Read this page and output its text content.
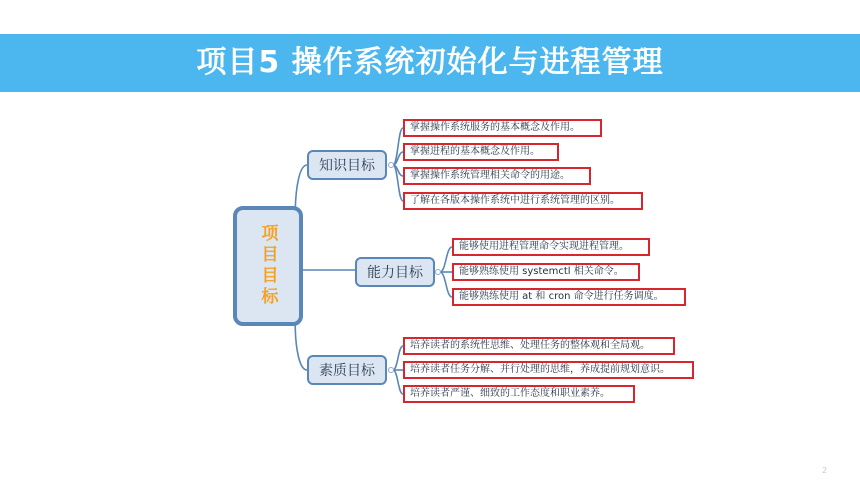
项目5 操作系统初始化与进程管理
项目目标
知识目标
能力目标
素质目标
掌握操作系统服务的基本概念及作用。
掌握进程的基本概念及作用。
掌握操作系统管理相关命令的用途。
了解在各版本操作系统中进行系统管理的区别。
能够使用进程管理命令实现进程管理。
能够熟练使用 systemctl 相关命令。
能够熟练使用 at 和 cron 命令进行任务调度。
培养读者的系统性思维、处理任务的整体观和全局观。
培养读者任务分解、并行处理的思维，养成提前规划意识。
培养读者严谨、细致的工作态度和职业素养。
2
